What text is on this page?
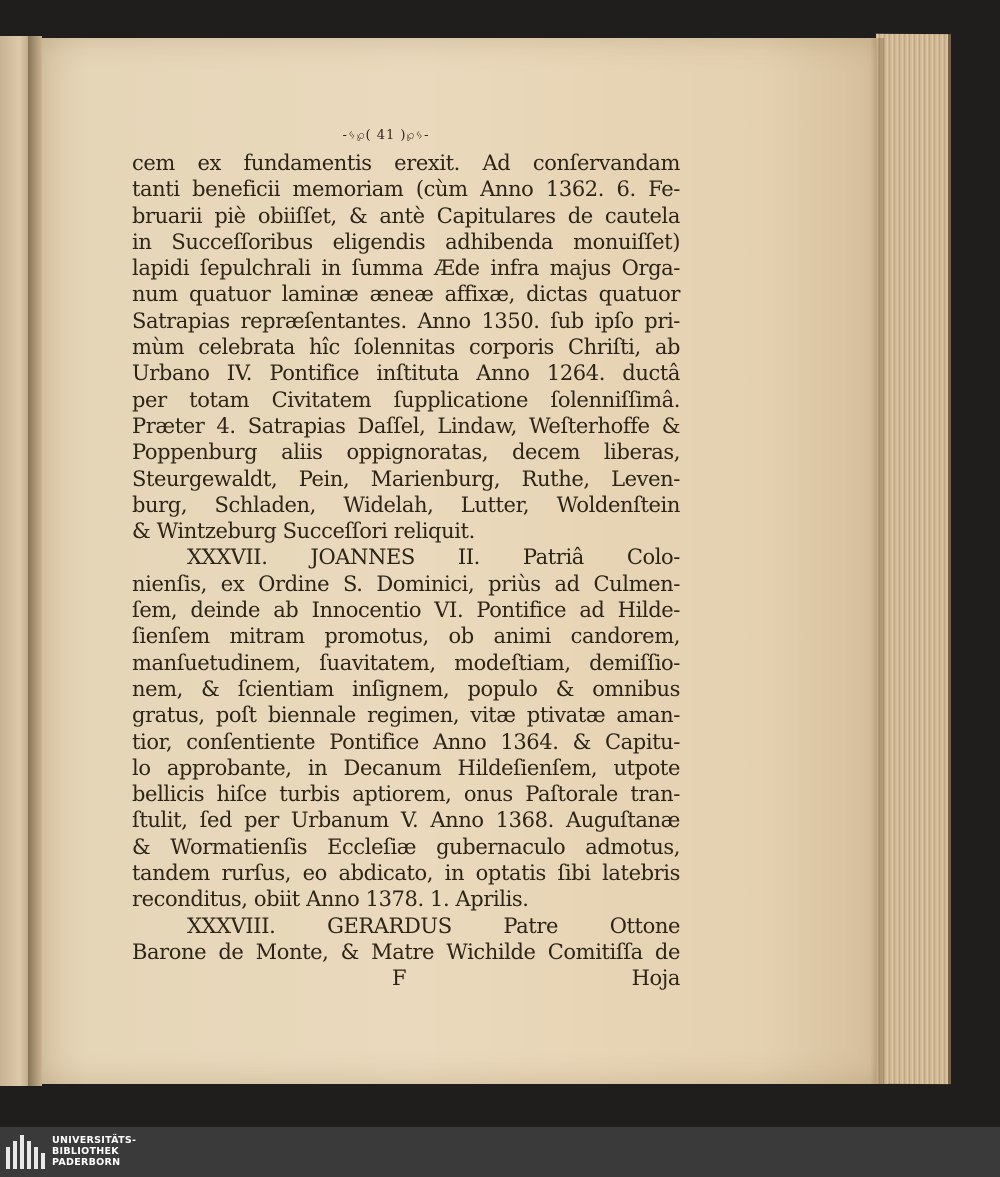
-ᛃ℘( 41 )℘ᛃ-
cem ex fundamentis erexit. Ad conſervandam
tanti beneficii memoriam (cùm Anno 1362. 6. Fe-
bruarii piè obiiſſet, & antè Capitulares de cautela
in Succeſſoribus eligendis adhibenda monuiſſet)
lapidi ſepulchrali in ſumma Æde infra majus Orga-
num quatuor laminæ æneæ affixæ, dictas quatuor
Satrapias repræſentantes. Anno 1350. ſub ipſo pri-
mùm celebrata hîc ſolennitas corporis Chriſti, ab
Urbano IV. Pontifice inſtituta Anno 1264. ductâ
per totam Civitatem ſupplicatione ſolenniſſimâ.
Præter 4. Satrapias Daſſel, Lindaw, Weſterhoffe &
Poppenburg aliis oppignoratas, decem liberas,
Steurgewaldt, Pein, Marienburg, Ruthe, Leven-
burg, Schladen, Widelah, Lutter, Woldenſtein
& Wintzeburg Succeſſori reliquit.
XXXVII. JOANNES II. Patriâ Colo-
nienſis, ex Ordine S. Dominici, priùs ad Culmen-
ſem, deinde ab Innocentio VI. Pontifice ad Hilde-
ſienſem mitram promotus, ob animi candorem,
manſuetudinem, ſuavitatem, modeſtiam, demiſſio-
nem, & ſcientiam inſignem, populo & omnibus
gratus, poſt biennale regimen, vitæ ptivatæ aman-
tior, conſentiente Pontifice Anno 1364. & Capitu-
lo approbante, in Decanum Hildeſienſem, utpote
bellicis hiſce turbis aptiorem, onus Paſtorale tran-
ſtulit, ſed per Urbanum V. Anno 1368. Auguſtanæ
& Wormatienſis Eccleſiæ gubernaculo admotus,
tandem rurſus, eo abdicato, in optatis ſibi latebris
reconditus, obiit Anno 1378. 1. Aprilis.
XXXVIII. GERARDUS Patre Ottone
Barone de Monte, & Matre Wichilde Comitiſſa de
F	Hoja
UNIVERSITÄTS-
BIBLIOTHEK
PADERBORN
